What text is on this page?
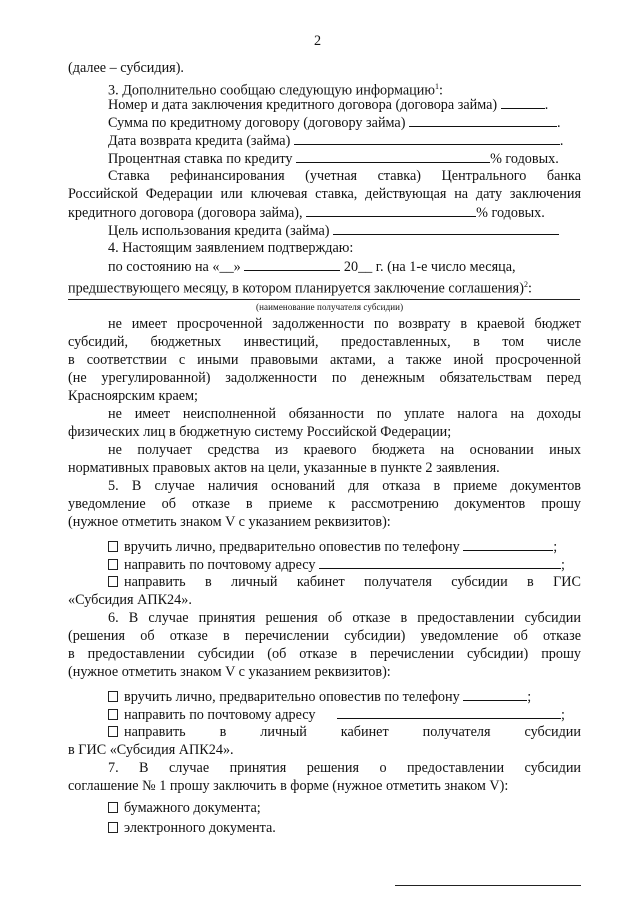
2
(далее – субсидия).
3. Дополнительно сообщаю следующую информацию$^1$:
Номер и дата заключения кредитного договора (договора займа)	.
Сумма по кредитному договору (договору займа)	.
Дата возврата кредита (займа)	.
Процентная ставка по кредиту	% годовых.
Ставка рефинансирования (учетная ставка) Центрального банка
Российской Федерации или ключевая ставка, действующая на дату заключения
кредитного договора (договора займа),	% годовых.
Цель использования кредита (займа)
4. Настоящим заявлением подтверждаю:
по состоянию на «__»	20__ г. (на 1-е число месяца,
предшествующего месяцу, в котором планируется заключение соглашения)$^2$:
(наименование получателя субсидии)
не имеет просроченной задолженности по возврату в краевой бюджет
субсидий, бюджетных инвестиций, предоставленных, в том числе
в соответствии с иными правовыми актами, а также иной просроченной
(не урегулированной) задолженности по денежным обязательствам перед
Красноярским краем;
не имеет неисполненной обязанности по уплате налога на доходы
физических лиц в бюджетную систему Российской Федерации;
не получает средства из краевого бюджета на основании иных
нормативных правовых актов на цели, указанные в пункте 2 заявления.
5. В случае наличия оснований для отказа в приеме документов
уведомление об отказе в приеме к рассмотрению документов прошу
(нужное отметить знаком V с указанием реквизитов):
вручить лично, предварительно оповестив по телефону	;
направить по почтовому адресу	;
направить в личный кабинет получателя субсидии в ГИС
«Субсидия АПК24».
6. В случае принятия решения об отказе в предоставлении субсидии
(решения об отказе в перечислении субсидии) уведомление об отказе
в предоставлении субсидии (об отказе в перечислении субсидии) прошу
(нужное отметить знаком V с указанием реквизитов):
вручить лично, предварительно оповестив по телефону	;
направить по почтовому адресу	;
направить в личный кабинет получателя субсидии
в ГИС «Субсидия АПК24».
7. В случае принятия решения о предоставлении субсидии
соглашение № 1 прошу заключить в форме (нужное отметить знаком V):
бумажного документа;
электронного документа.
